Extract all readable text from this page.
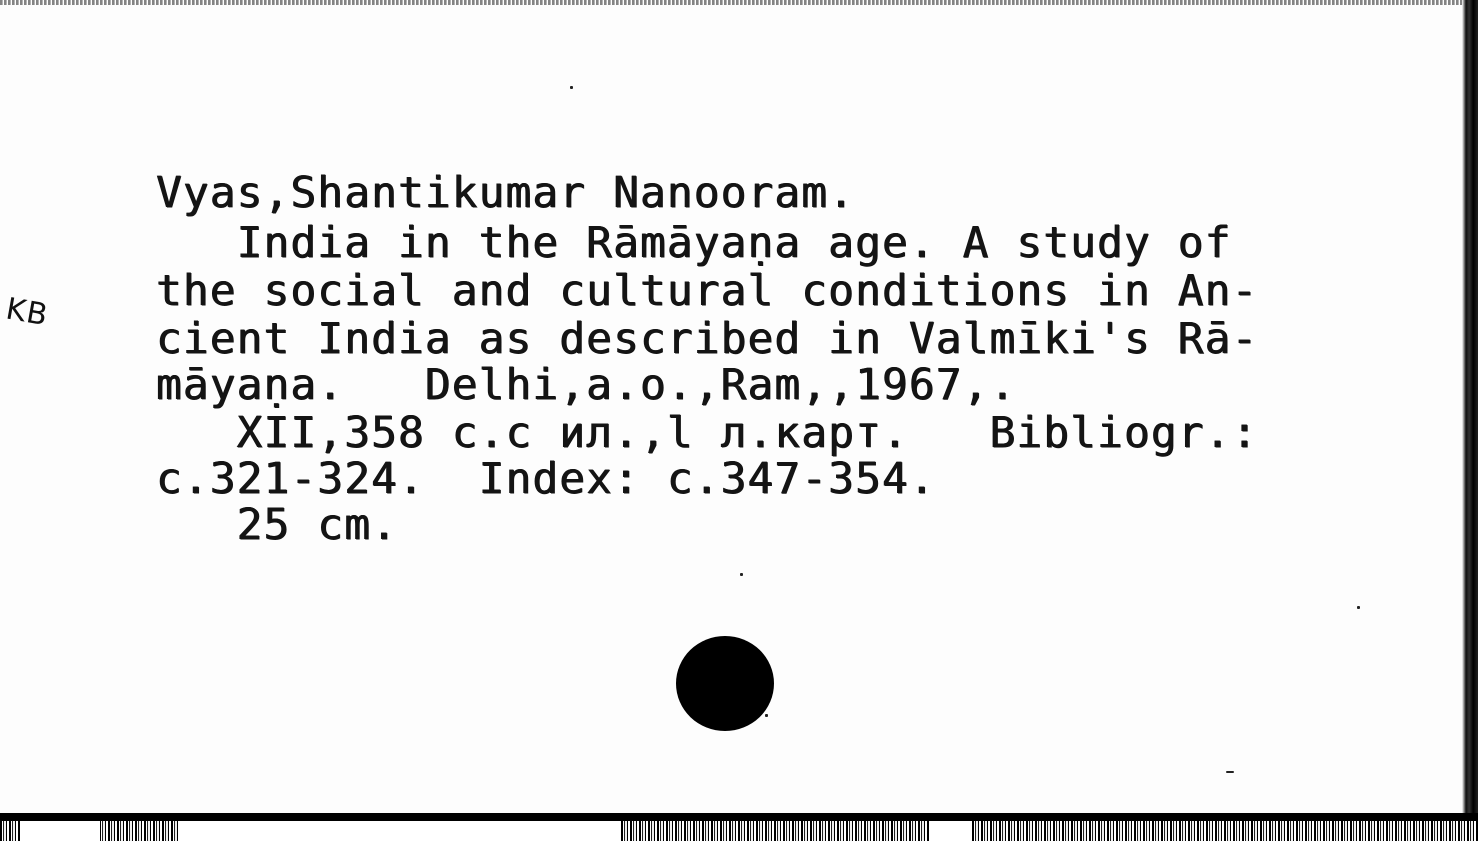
KB
Vyas,Shantikumar Nanooram.
India in the Rāmāyaṇa age. A study of
the social and cultural conditions in An-
cient India as described in Valmīki's Rā-
māyaṇa.   Delhi,a.o.,Ram,,1967,.
XII,358 c.c ил.,l л.карт.   Bibliogr.:
c.321-324.  Index: c.347-354.
25 cm.
